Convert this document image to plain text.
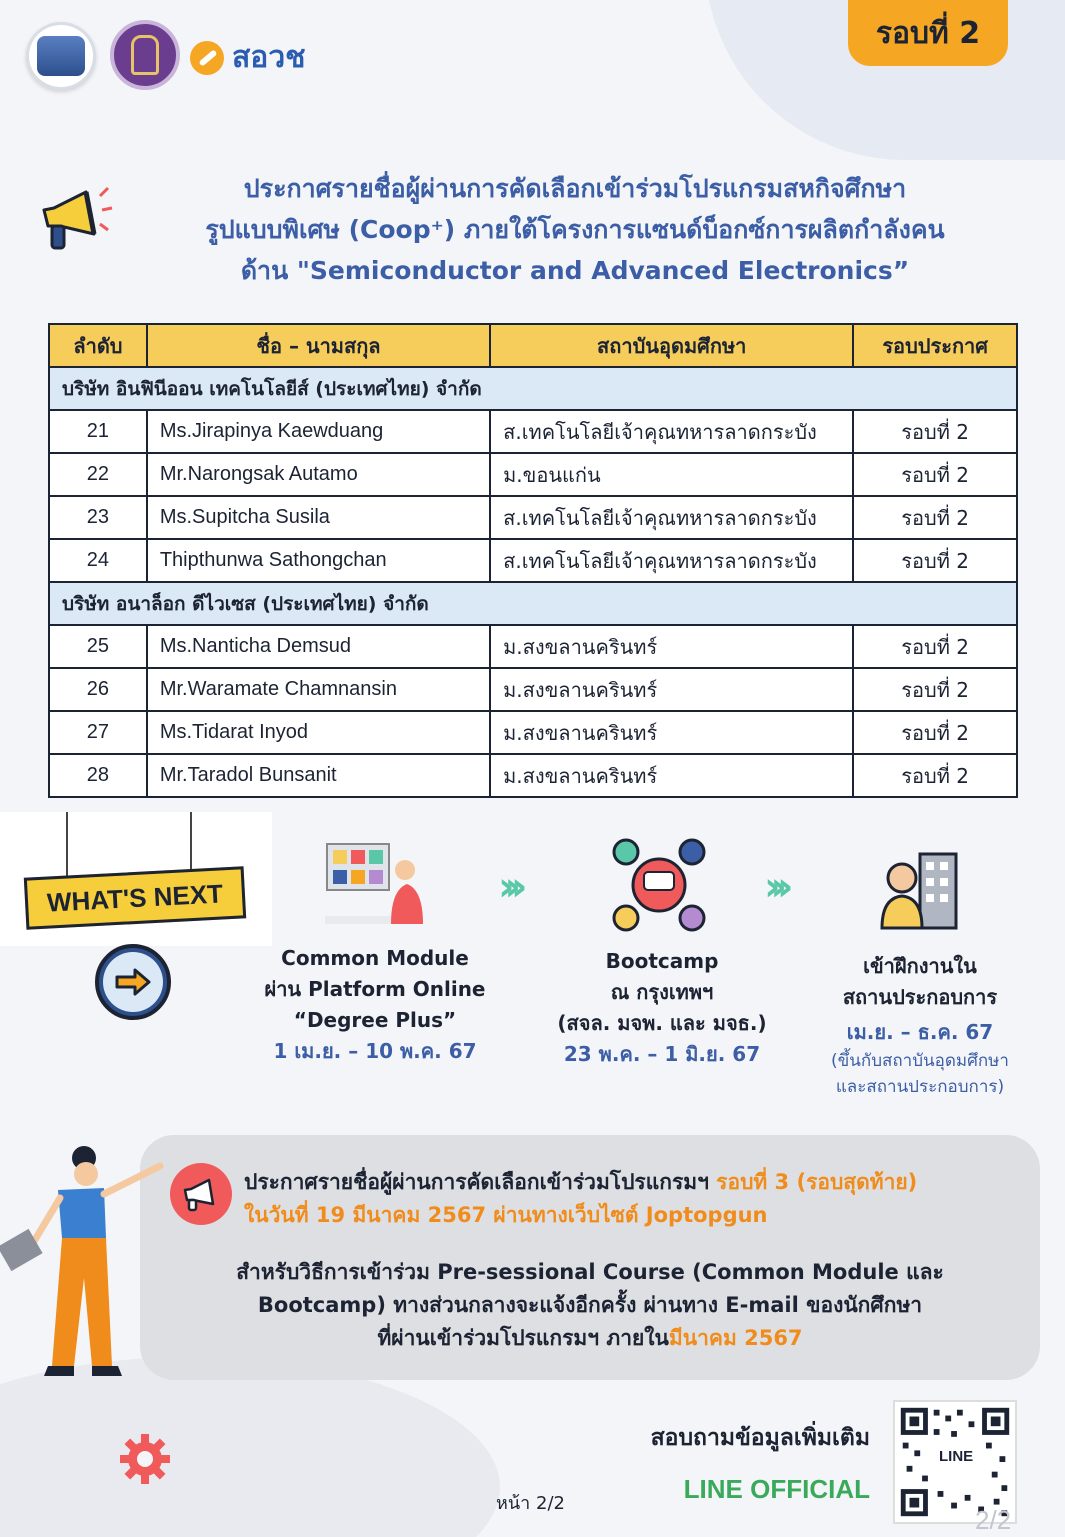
สอวช
รอบที่ 2
ประกาศรายชื่อผู้ผ่านการคัดเลือกเข้าร่วมโปรแกรมสหกิจศึกษา
รูปแบบพิเศษ (Coop⁺) ภายใต้โครงการแซนด์บ็อกซ์การผลิตกำลังคน
ด้าน "Semiconductor and Advanced Electronics”
ลำดับ	ชื่อ – นามสกุล	สถาบันอุดมศึกษา	รอบประกาศ
บริษัท อินฟินีออน เทคโนโลยีส์ (ประเทศไทย) จำกัด			
21	Ms.Jirapinya Kaewduang	ส.เทคโนโลยีเจ้าคุณทหารลาดกระบัง	รอบที่ 2
22	Mr.Narongsak Autamo	ม.ขอนแก่น	รอบที่ 2
23	Ms.Supitcha Susila	ส.เทคโนโลยีเจ้าคุณทหารลาดกระบัง	รอบที่ 2
24	Thipthunwa Sathongchan	ส.เทคโนโลยีเจ้าคุณทหารลาดกระบัง	รอบที่ 2
บริษัท อนาล็อก ดีไวเซส (ประเทศไทย) จำกัด			
25	Ms.Nanticha Demsud	ม.สงขลานครินทร์	รอบที่ 2
26	Mr.Waramate Chamnansin	ม.สงขลานครินทร์	รอบที่ 2
27	Ms.Tidarat Inyod	ม.สงขลานครินทร์	รอบที่ 2
28	Mr.Taradol Bunsanit	ม.สงขลานครินทร์	รอบที่ 2
WHAT'S NEXT
Common Module
ผ่าน Platform Online
“Degree Plus”
1 เม.ย. – 10 พ.ค. 67
›››
Bootcamp
ณ กรุงเทพฯ
(สจล. มจพ. และ มจธ.)
23 พ.ค. – 1 มิ.ย. 67
›››
เข้าฝึกงานใน
สถานประกอบการ
เม.ย. – ธ.ค. 67
(ขึ้นกับสถาบันอุดมศึกษา
และสถานประกอบการ)
ประกาศรายชื่อผู้ผ่านการคัดเลือกเข้าร่วมโปรแกรมฯ รอบที่ 3 (รอบสุดท้าย)
ในวันที่ 19 มีนาคม 2567 ผ่านทางเว็บไซต์ Joptopgun
สำหรับวิธีการเข้าร่วม Pre-sessional Course (Common Module และ
Bootcamp) ทางส่วนกลางจะแจ้งอีกครั้ง ผ่านทาง E-mail ของนักศึกษา
ที่ผ่านเข้าร่วมโปรแกรมฯ ภายในมีนาคม 2567
สอบถามข้อมูลเพิ่มเติม
LINE OFFICIAL
หน้า 2/2
LINE
2/2
